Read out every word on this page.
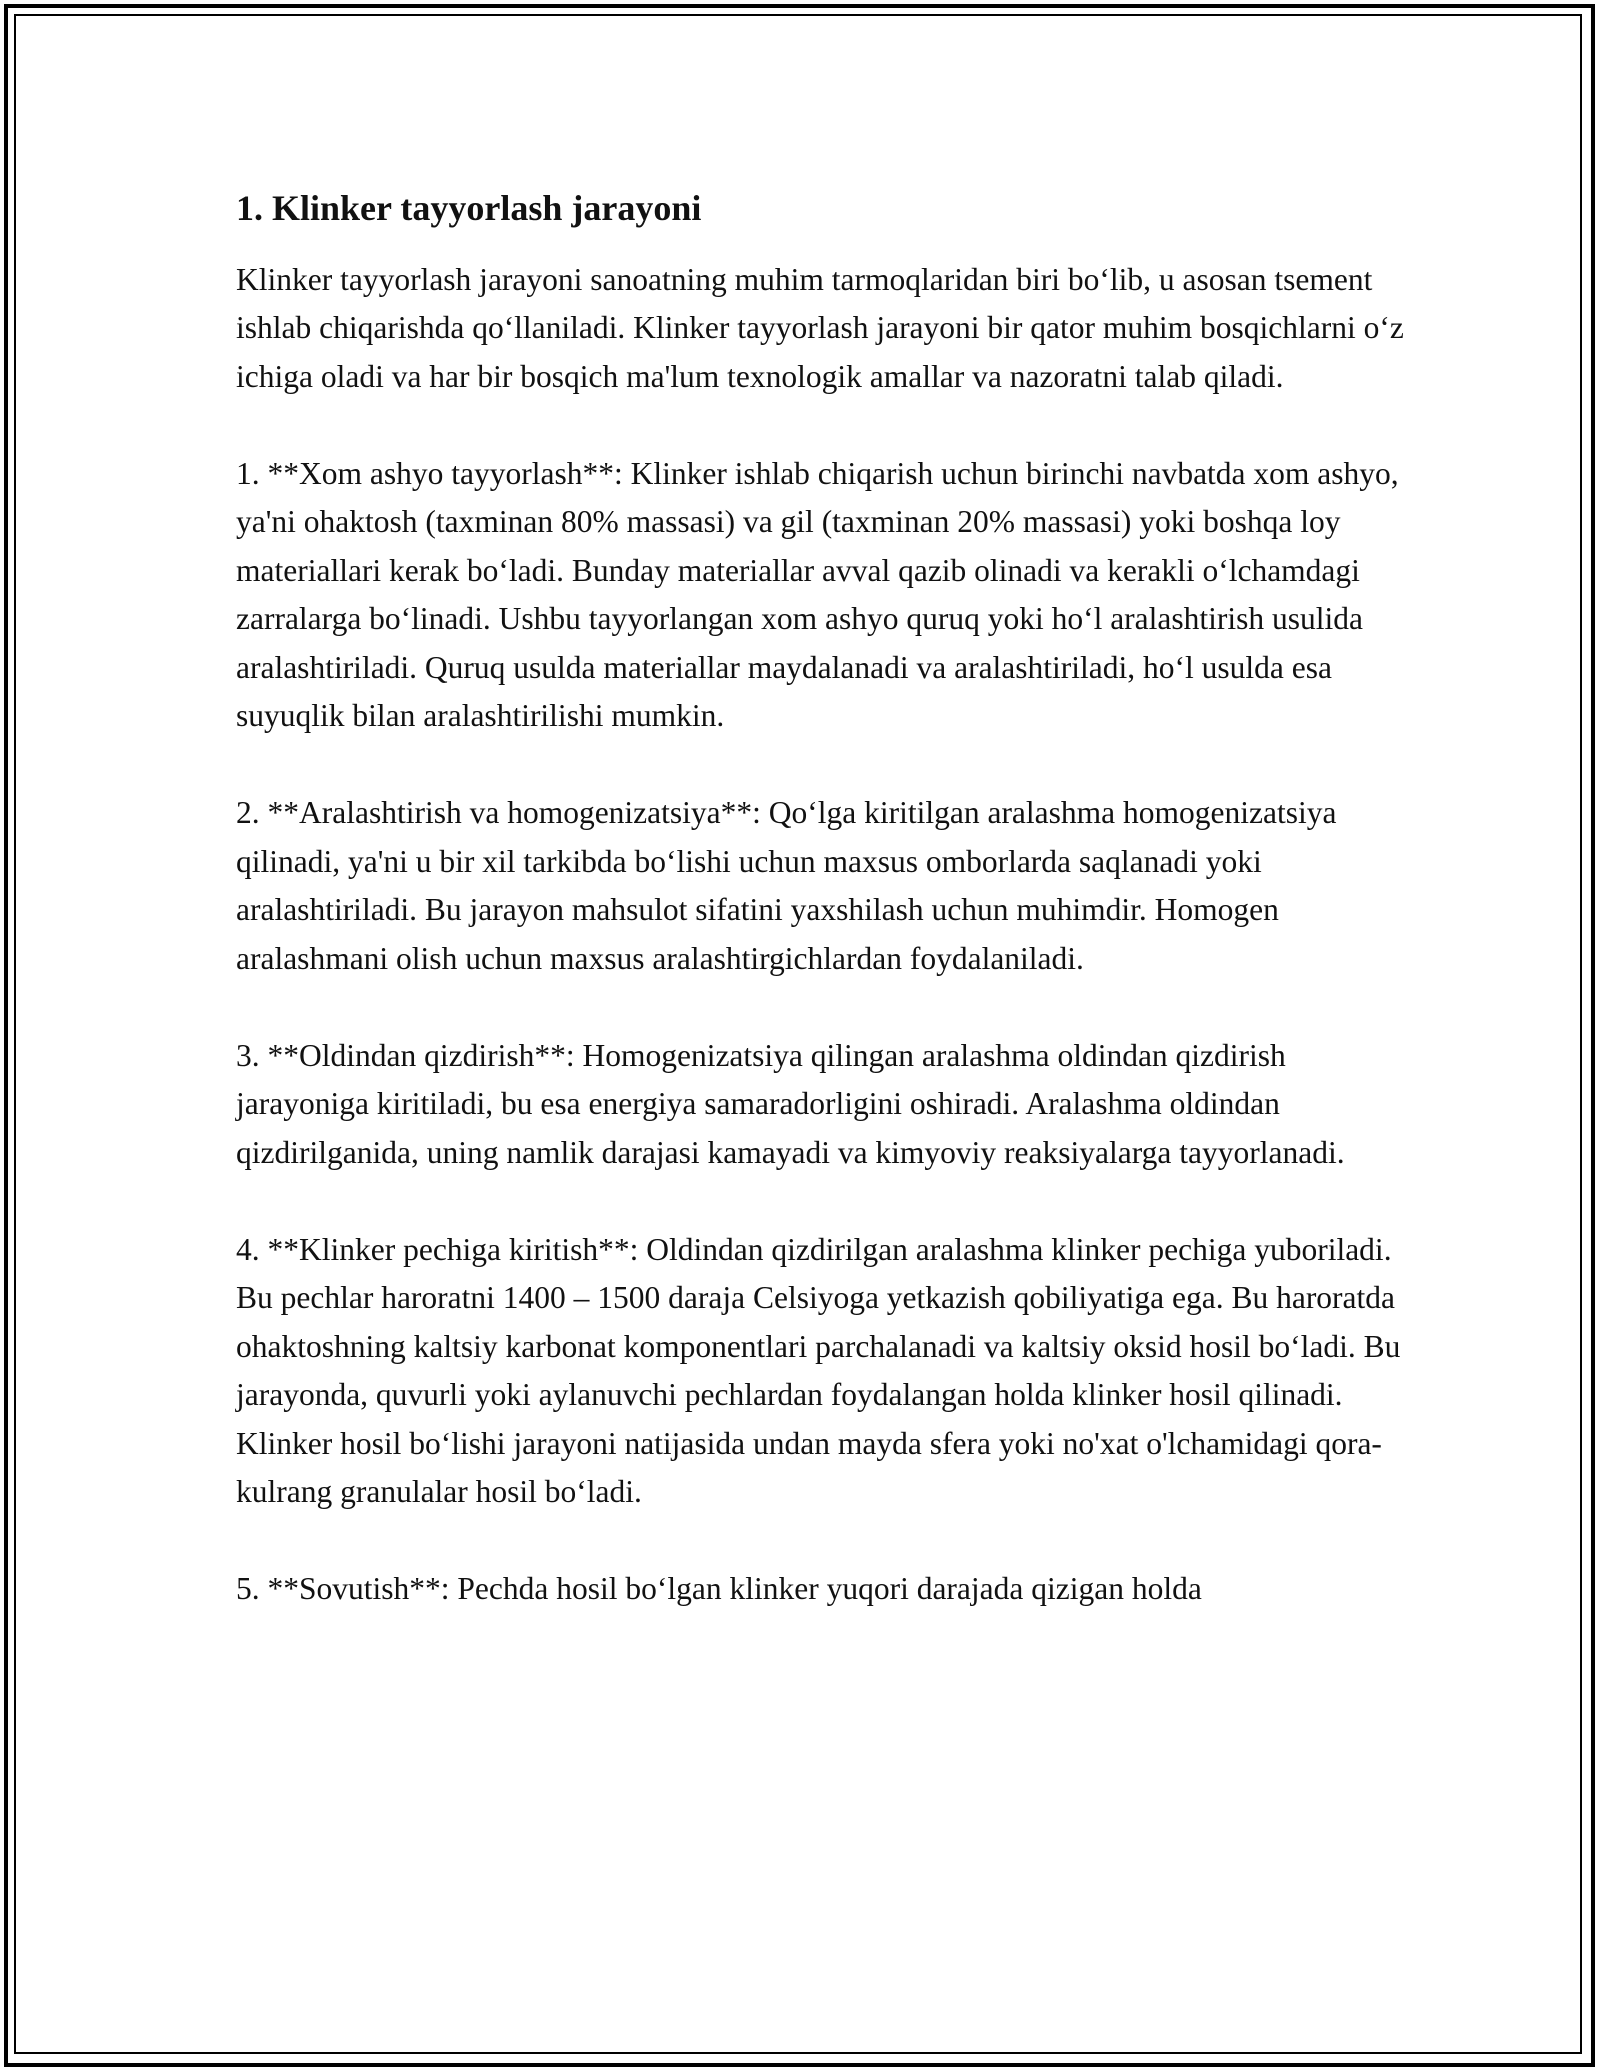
1. Klinker tayyorlash jarayoni

Klinker tayyorlash jarayoni sanoatning muhim tarmoqlaridan biri bo‘lib, u asosan tsement ishlab chiqarishda qo‘llaniladi. Klinker tayyorlash jarayoni bir qator muhim bosqichlarni o‘z ichiga oladi va har bir bosqich ma'lum texnologik amallar va nazoratni talab qiladi.

1. **Xom ashyo tayyorlash**: Klinker ishlab chiqarish uchun birinchi navbatda xom ashyo, ya'ni ohaktosh (taxminan 80% massasi) va gil (taxminan 20% massasi) yoki boshqa loy materiallari kerak bo‘ladi. Bunday materiallar avval qazib olinadi va kerakli o‘lchamdagi zarralarga bo‘linadi. Ushbu tayyorlangan xom ashyo quruq yoki ho‘l aralashtirish usulida aralashtiriladi. Quruq usulda materiallar maydalanadi va aralashtiriladi, ho‘l usulda esa suyuqlik bilan aralashtirilishi mumkin.

2. **Aralashtirish va homogenizatsiya**: Qo‘lga kiritilgan aralashma homogenizatsiya qilinadi, ya'ni u bir xil tarkibda bo‘lishi uchun maxsus omborlarda saqlanadi yoki aralashtiriladi. Bu jarayon mahsulot sifatini yaxshilash uchun muhimdir. Homogen aralashmani olish uchun maxsus aralashtirgichlardan foydalaniladi.

3. **Oldindan qizdirish**: Homogenizatsiya qilingan aralashma oldindan qizdirish jarayoniga kiritiladi, bu esa energiya samaradorligini oshiradi. Aralashma oldindan qizdirilganida, uning namlik darajasi kamayadi va kimyoviy reaksiyalarga tayyorlanadi.

4. **Klinker pechiga kiritish**: Oldindan qizdirilgan aralashma klinker pechiga yuboriladi. Bu pechlar haroratni 1400 – 1500 daraja Celsiyoga yetkazish qobiliyatiga ega. Bu haroratda ohaktoshning kaltsiy karbonat komponentlari parchalanadi va kaltsiy oksid hosil bo‘ladi. Bu jarayonda, quvurli yoki aylanuvchi pechlardan foydalangan holda klinker hosil qilinadi. Klinker hosil bo‘lishi jarayoni natijasida undan mayda sfera yoki no'xat o'lchamidagi qora-kulrang granulalar hosil bo‘ladi.

5. **Sovutish**: Pechda hosil bo‘lgan klinker yuqori darajada qizigan holda
